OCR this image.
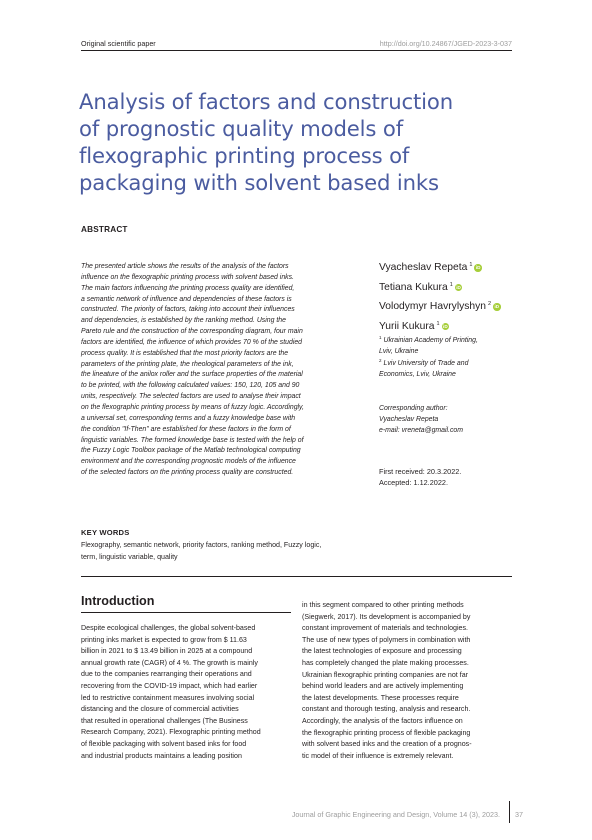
Original scientific paper	http://doi.org/10.24867/JGED-2023-3-037
Analysis of factors and construction
of prognostic quality models of
flexographic printing process of
packaging with solvent based inks
ABSTRACT
The presented article shows the results of the analysis of the factors
influence on the flexographic printing process with solvent based inks.
The main factors influencing the printing process quality are identified,
a semantic network of influence and dependencies of these factors is
constructed. The priority of factors, taking into account their influences
and dependencies, is established by the ranking method. Using the
Pareto rule and the construction of the corresponding diagram, four main
factors are identified, the influence of which provides 70 % of the studied
process quality. It is established that the most priority factors are the
parameters of the printing plate, the rheological parameters of the ink,
the lineature of the anilox roller and the surface properties of the material
to be printed, with the following calculated values: 150, 120, 105 and 90
units, respectively. The selected factors are used to analyse their impact
on the flexographic printing process by means of fuzzy logic. Accordingly,
a universal set, corresponding terms and a fuzzy knowledge base with
the condition "If-Then" are established for these factors in the form of
linguistic variables. The formed knowledge base is tested with the help of
the Fuzzy Logic Toolbox package of the Matlab technological computing
environment and the corresponding prognostic models of the influence
of the selected factors on the printing process quality are constructed.
Vyacheslav Repeta $^1$ iD
Tetiana Kukura $^1$ iD
Volodymyr Havrylyshyn $^2$ iD
Yurii Kukura $^1$ iD
$^1$ Ukrainian Academy of Printing,
Lviv, Ukraine
$^2$ Lviv University of Trade and
Economics, Lviv, Ukraine
Corresponding author:
Vyacheslav Repeta
e-mail: vreneta@gmail.com
First received: 20.3.2022.
Accepted: 1.12.2022.
KEY WORDS
Flexography, semantic network, priority factors, ranking method, Fuzzy logic,
term, linguistic variable, quality
Introduction
Despite ecological challenges, the global solvent-based
printing inks market is expected to grow from $ 11.63
billion in 2021 to $ 13.49 billion in 2025 at a compound
annual growth rate (CAGR) of 4 %. The growth is mainly
due to the companies rearranging their operations and
recovering from the COVID-19 impact, which had earlier
led to restrictive containment measures involving social
distancing and the closure of commercial activities
that resulted in operational challenges (The Business
Research Company, 2021). Flexographic printing method
of flexible packaging with solvent based inks for food
and industrial products maintains a leading position
in this segment compared to other printing methods
(Siegwerk, 2017). Its development is accompanied by
constant improvement of materials and technologies.
The use of new types of polymers in combination with
the latest technologies of exposure and processing
has completely changed the plate making processes.
Ukrainian flexographic printing companies are not far
behind world leaders and are actively implementing
the latest developments. These processes require
constant and thorough testing, analysis and research.
Accordingly, the analysis of the factors influence on
the flexographic printing process of flexible packaging
with solvent based inks and the creation of a prognos-
tic model of their influence is extremely relevant.
Journal of Graphic Engineering and Design, Volume 14 (3), 2023. 37
